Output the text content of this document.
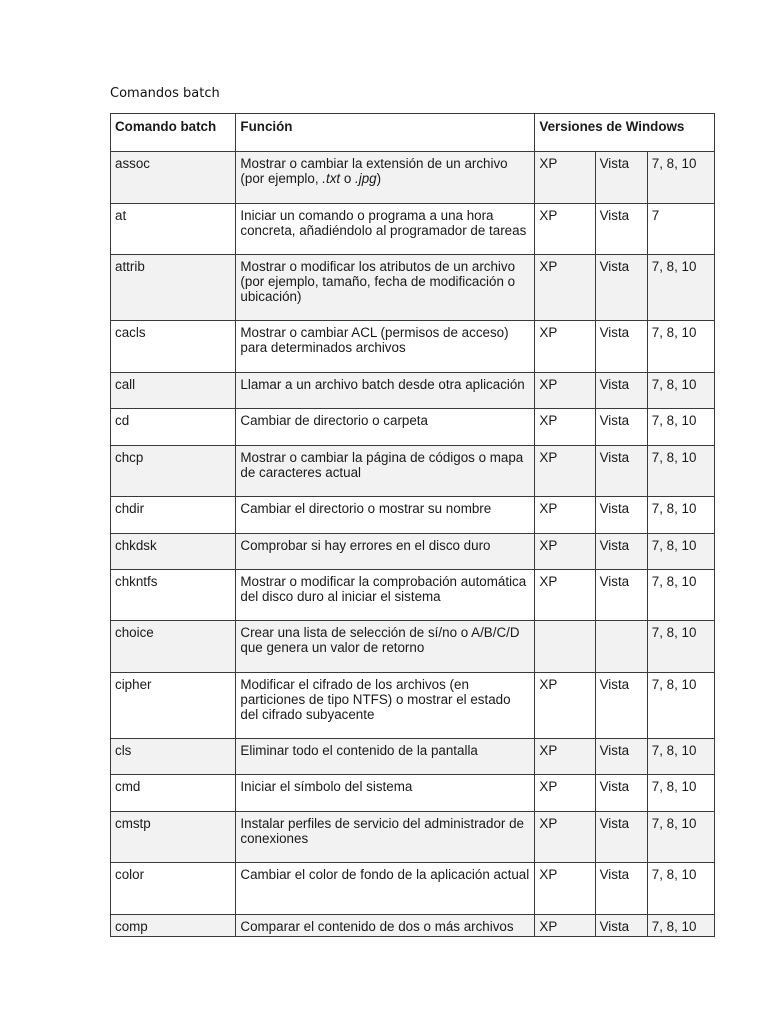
Comandos batch
Comando batch	Función	Versiones de Windows		
assoc	Mostrar o cambiar la extensión de un archivo (por ejemplo, .txt o .jpg)	XP	Vista	7, 8, 10
at	Iniciar un comando o programa a una hora concreta, añadiéndolo al programador de tareas	XP	Vista	7
attrib	Mostrar o modificar los atributos de un archivo (por ejemplo, tamaño, fecha de modificación o ubicación)	XP	Vista	7, 8, 10
cacls	Mostrar o cambiar ACL (permisos de acceso) para determinados archivos	XP	Vista	7, 8, 10
call	Llamar a un archivo batch desde otra aplicación	XP	Vista	7, 8, 10
cd	Cambiar de directorio o carpeta	XP	Vista	7, 8, 10
chcp	Mostrar o cambiar la página de códigos o mapa de caracteres actual	XP	Vista	7, 8, 10
chdir	Cambiar el directorio o mostrar su nombre	XP	Vista	7, 8, 10
chkdsk	Comprobar si hay errores en el disco duro	XP	Vista	7, 8, 10
chkntfs	Mostrar o modificar la comprobación automática del disco duro al iniciar el sistema	XP	Vista	7, 8, 10
choice	Crear una lista de selección de sí/no o A/B/C/D que genera un valor de retorno			7, 8, 10
cipher	Modificar el cifrado de los archivos (en particiones de tipo NTFS) o mostrar el estado del cifrado subyacente	XP	Vista	7, 8, 10
cls	Eliminar todo el contenido de la pantalla	XP	Vista	7, 8, 10
cmd	Iniciar el símbolo del sistema	XP	Vista	7, 8, 10
cmstp	Instalar perfiles de servicio del administrador de conexiones	XP	Vista	7, 8, 10
color	Cambiar el color de fondo de la aplicación actual	XP	Vista	7, 8, 10
comp	Comparar el contenido de dos o más archivos	XP	Vista	7, 8, 10
